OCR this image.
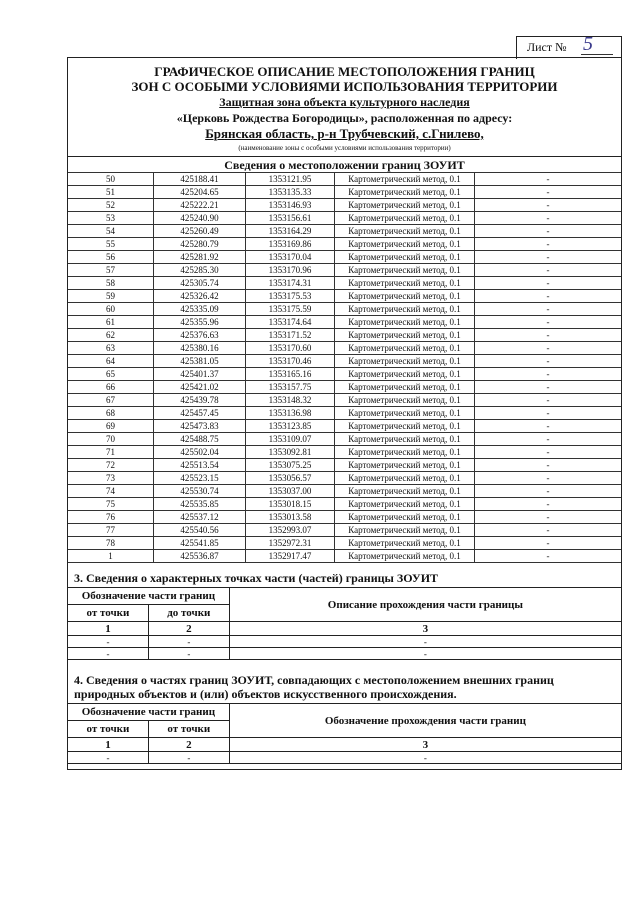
Лист № 5
ГРАФИЧЕСКОЕ ОПИСАНИЕ МЕСТОПОЛОЖЕНИЯ ГРАНИЦ
ЗОН С ОСОБЫМИ УСЛОВИЯМИ ИСПОЛЬЗОВАНИЯ ТЕРРИТОРИИ
Защитная зона объекта культурного наследия
«Церковь Рождества Богородицы», расположенная по адресу:
Брянская область, р-н Трубчевский, с.Гнилево,
(наименование зоны с особыми условиями использования территории)
Сведения о местоположении границ ЗОУИТ
50	425188.41	1353121.95	Картометрический метод, 0.1	-
51	425204.65	1353135.33	Картометрический метод, 0.1	-
52	425222.21	1353146.93	Картометрический метод, 0.1	-
53	425240.90	1353156.61	Картометрический метод, 0.1	-
54	425260.49	1353164.29	Картометрический метод, 0.1	-
55	425280.79	1353169.86	Картометрический метод, 0.1	-
56	425281.92	1353170.04	Картометрический метод, 0.1	-
57	425285.30	1353170.96	Картометрический метод, 0.1	-
58	425305.74	1353174.31	Картометрический метод, 0.1	-
59	425326.42	1353175.53	Картометрический метод, 0.1	-
60	425335.09	1353175.59	Картометрический метод, 0.1	-
61	425355.96	1353174.64	Картометрический метод, 0.1	-
62	425376.63	1353171.52	Картометрический метод, 0.1	-
63	425380.16	1353170.60	Картометрический метод, 0.1	-
64	425381.05	1353170.46	Картометрический метод, 0.1	-
65	425401.37	1353165.16	Картометрический метод, 0.1	-
66	425421.02	1353157.75	Картометрический метод, 0.1	-
67	425439.78	1353148.32	Картометрический метод, 0.1	-
68	425457.45	1353136.98	Картометрический метод, 0.1	-
69	425473.83	1353123.85	Картометрический метод, 0.1	-
70	425488.75	1353109.07	Картометрический метод, 0.1	-
71	425502.04	1353092.81	Картометрический метод, 0.1	-
72	425513.54	1353075.25	Картометрический метод, 0.1	-
73	425523.15	1353056.57	Картометрический метод, 0.1	-
74	425530.74	1353037.00	Картометрический метод, 0.1	-
75	425535.85	1353018.15	Картометрический метод, 0.1	-
76	425537.12	1353013.58	Картометрический метод, 0.1	-
77	425540.56	1352993.07	Картометрический метод, 0.1	-
78	425541.85	1352972.31	Картометрический метод, 0.1	-
1	425536.87	1352917.47	Картометрический метод, 0.1	-
3. Сведения о характерных точках части (частей) границы ЗОУИТ
Обозначение части границ		Описание прохождения части границы
от точки	до точки	
1	2	3
-	-	-
-	-	-
4. Сведения о частях границ ЗОУИТ, совпадающих с местоположением внешних границ
природных объектов и (или) объектов искусственного происхождения.
Обозначение части границ		Обозначение прохождения части границ
от точки	от точки	
1	2	3
-	-	-
